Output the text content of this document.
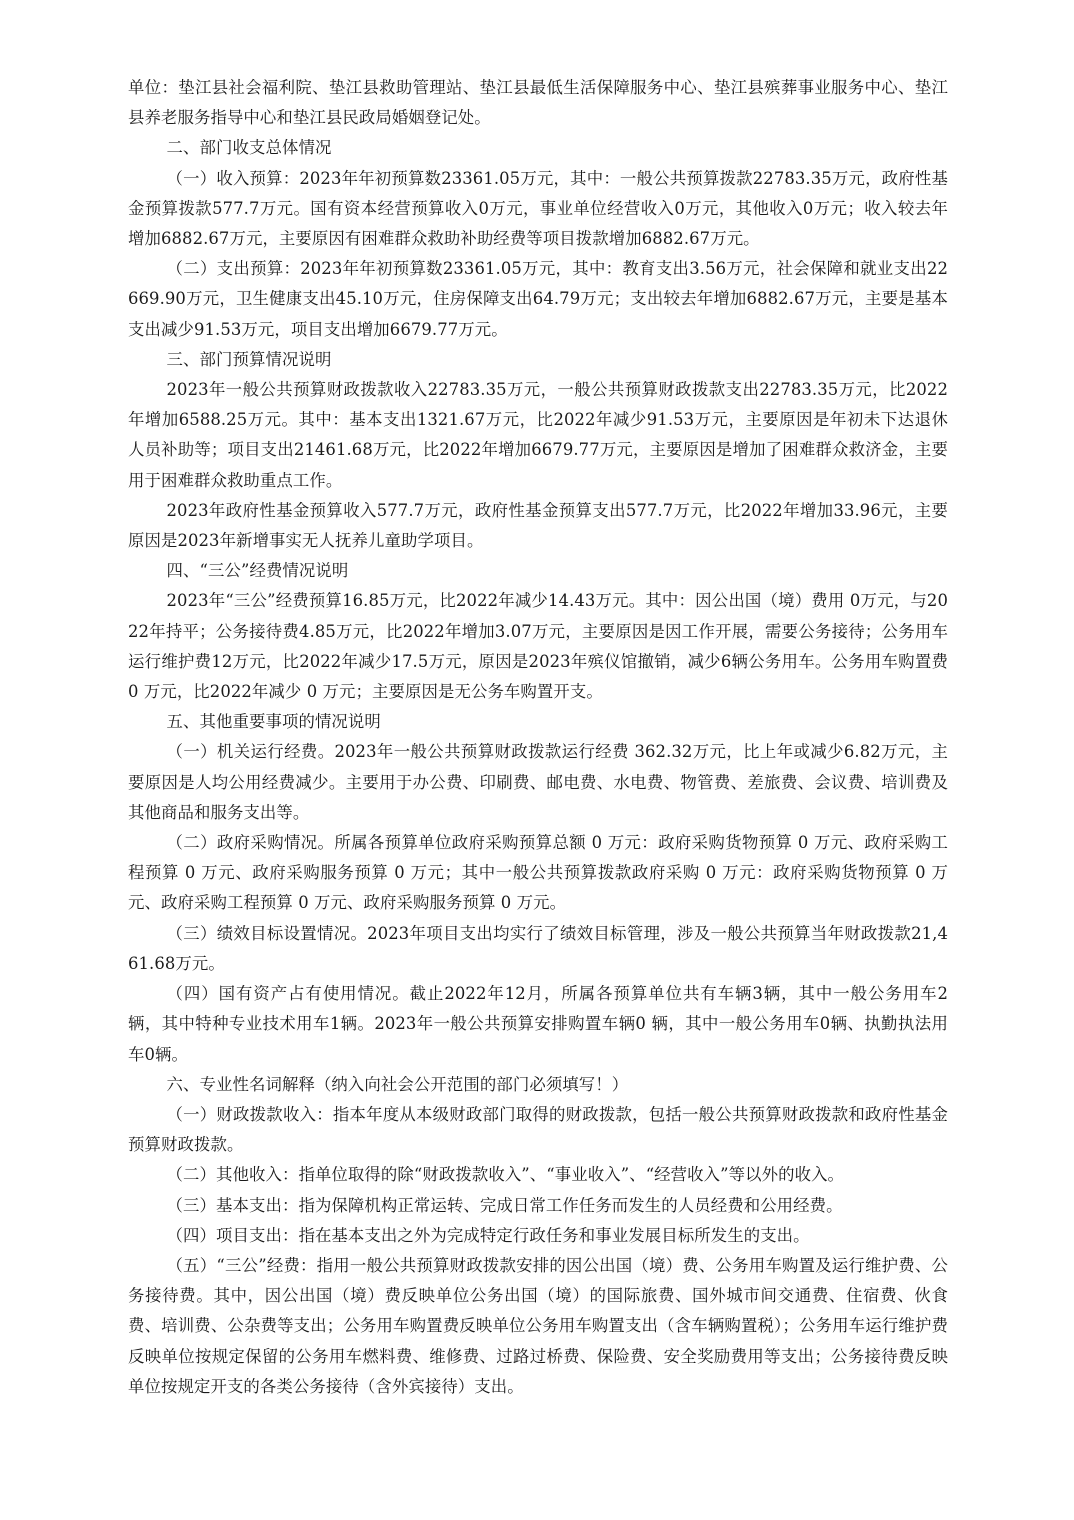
单位：垫江县社会福利院、垫江县救助管理站、垫江县最低生活保障服务中心、垫江县殡葬事业服务中心、垫江县养老服务指导中心和垫江县民政局婚姻登记处。

二、部门收支总体情况

（一）收入预算：2023年年初预算数23361.05万元，其中：一般公共预算拨款22783.35万元，政府性基金预算拨款577.7万元。国有资本经营预算收入0万元，事业单位经营收入0万元，其他收入0万元；收入较去年增加6882.67万元，主要原因有困难群众救助补助经费等项目拨款增加6882.67万元。

（二）支出预算：2023年年初预算数23361.05万元，其中：教育支出3.56万元，社会保障和就业支出22669.90万元，卫生健康支出45.10万元，住房保障支出64.79万元；支出较去年增加6882.67万元，主要是基本支出减少91.53万元，项目支出增加6679.77万元。

三、部门预算情况说明

2023年一般公共预算财政拨款收入22783.35万元，一般公共预算财政拨款支出22783.35万元，比2022年增加6588.25万元。其中：基本支出1321.67万元，比2022年减少91.53万元，主要原因是年初未下达退休人员补助等；项目支出21461.68万元，比2022年增加6679.77万元，主要原因是增加了困难群众救济金，主要用于困难群众救助重点工作。

2023年政府性基金预算收入577.7万元，政府性基金预算支出577.7万元，比2022年增加33.96元，主要原因是2023年新增事实无人抚养儿童助学项目。

四、“三公”经费情况说明

2023年“三公”经费预算16.85万元，比2022年减少14.43万元。其中：因公出国（境）费用 0万元，与2022年持平；公务接待费4.85万元，比2022年增加3.07万元，主要原因是因工作开展，需要公务接待；公务用车运行维护费12万元，比2022年减少17.5万元，原因是2023年殡仪馆撤销，减少6辆公务用车。公务用车购置费 0 万元，比2022年减少 0 万元；主要原因是无公务车购置开支。

五、其他重要事项的情况说明

（一）机关运行经费。2023年一般公共预算财政拨款运行经费 362.32万元，比上年或减少6.82万元，主要原因是人均公用经费减少。主要用于办公费、印刷费、邮电费、水电费、物管费、差旅费、会议费、培训费及其他商品和服务支出等。

（二）政府采购情况。所属各预算单位政府采购预算总额 0 万元：政府采购货物预算 0 万元、政府采购工程预算 0 万元、政府采购服务预算 0 万元；其中一般公共预算拨款政府采购 0 万元：政府采购货物预算 0 万元、政府采购工程预算 0 万元、政府采购服务预算 0 万元。

（三）绩效目标设置情况。2023年项目支出均实行了绩效目标管理，涉及一般公共预算当年财政拨款21,461.68万元。

（四）国有资产占有使用情况。截止2022年12月，所属各预算单位共有车辆3辆，其中一般公务用车2 辆，其中特种专业技术用车1辆。2023年一般公共预算安排购置车辆0 辆，其中一般公务用车0辆、执勤执法用车0辆。

六、专业性名词解释（纳入向社会公开范围的部门必须填写！）

（一）财政拨款收入：指本年度从本级财政部门取得的财政拨款，包括一般公共预算财政拨款和政府性基金预算财政拨款。

（二）其他收入：指单位取得的除“财政拨款收入”、“事业收入”、“经营收入”等以外的收入。

（三）基本支出：指为保障机构正常运转、完成日常工作任务而发生的人员经费和公用经费。

（四）项目支出：指在基本支出之外为完成特定行政任务和事业发展目标所发生的支出。

（五）“三公”经费：指用一般公共预算财政拨款安排的因公出国（境）费、公务用车购置及运行维护费、公务接待费。其中，因公出国（境）费反映单位公务出国（境）的国际旅费、国外城市间交通费、住宿费、伙食费、培训费、公杂费等支出；公务用车购置费反映单位公务用车购置支出（含车辆购置税）；公务用车运行维护费反映单位按规定保留的公务用车燃料费、维修费、过路过桥费、保险费、安全奖励费用等支出；公务接待费反映单位按规定开支的各类公务接待（含外宾接待）支出。
